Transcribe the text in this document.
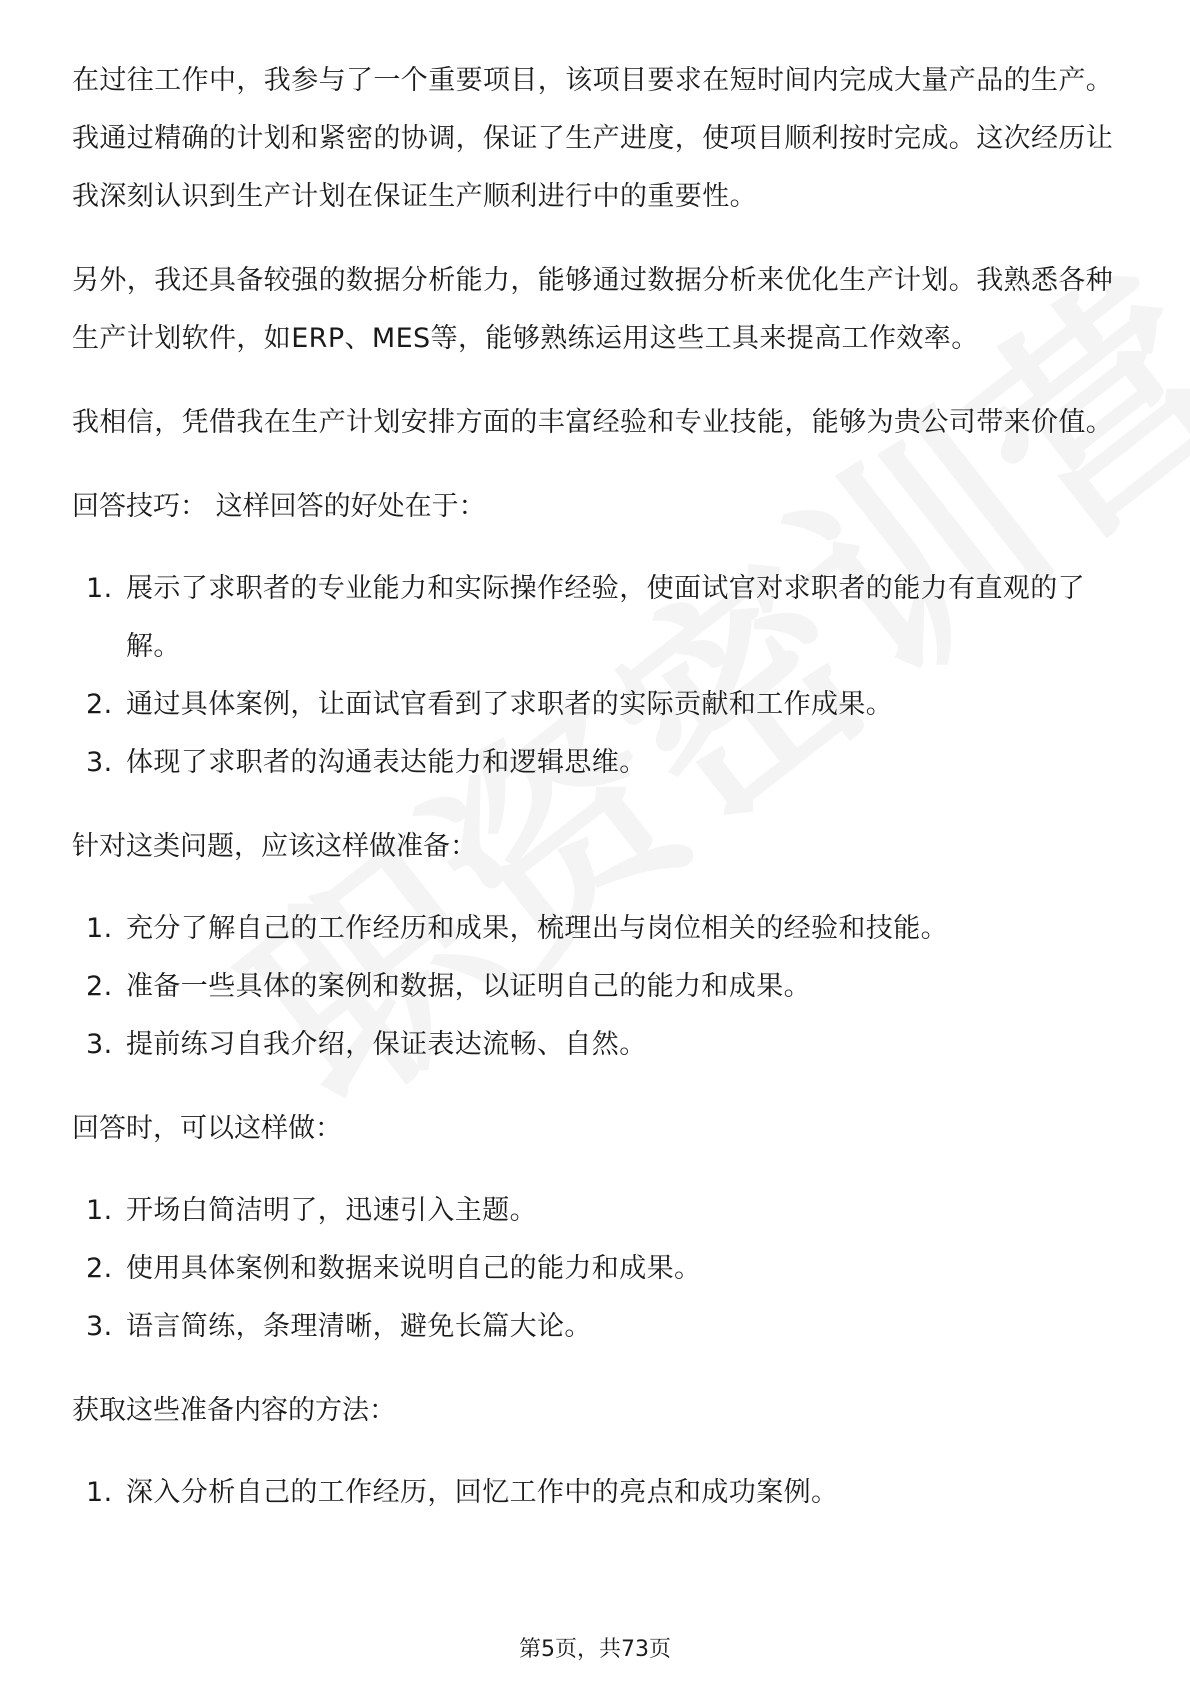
在过往工作中，我参与了一个重要项目，该项目要求在短时间内完成大量产品的生产。我通过精确的计划和紧密的协调，保证了生产进度，使项目顺利按时完成。这次经历让我深刻认识到生产计划在保证生产顺利进行中的重要性。

另外，我还具备较强的数据分析能力，能够通过数据分析来优化生产计划。我熟悉各种生产计划软件，如ERP、MES等，能够熟练运用这些工具来提高工作效率。

我相信，凭借我在生产计划安排方面的丰富经验和专业技能，能够为贵公司带来价值。

回答技巧： 这样回答的好处在于：
1. 展示了求职者的专业能力和实际操作经验，使面试官对求职者的能力有直观的了解。
2. 通过具体案例，让面试官看到了求职者的实际贡献和工作成果。
3. 体现了求职者的沟通表达能力和逻辑思维。
针对这类问题，应该这样做准备：
1. 充分了解自己的工作经历和成果，梳理出与岗位相关的经验和技能。
2. 准备一些具体的案例和数据，以证明自己的能力和成果。
3. 提前练习自我介绍，保证表达流畅、自然。
回答时，可以这样做：
1. 开场白简洁明了，迅速引入主题。
2. 使用具体案例和数据来说明自己的能力和成果。
3. 语言简练，条理清晰，避免长篇大论。
获取这些准备内容的方法：
1. 深入分析自己的工作经历，回忆工作中的亮点和成功案例。
第5页，共73页
